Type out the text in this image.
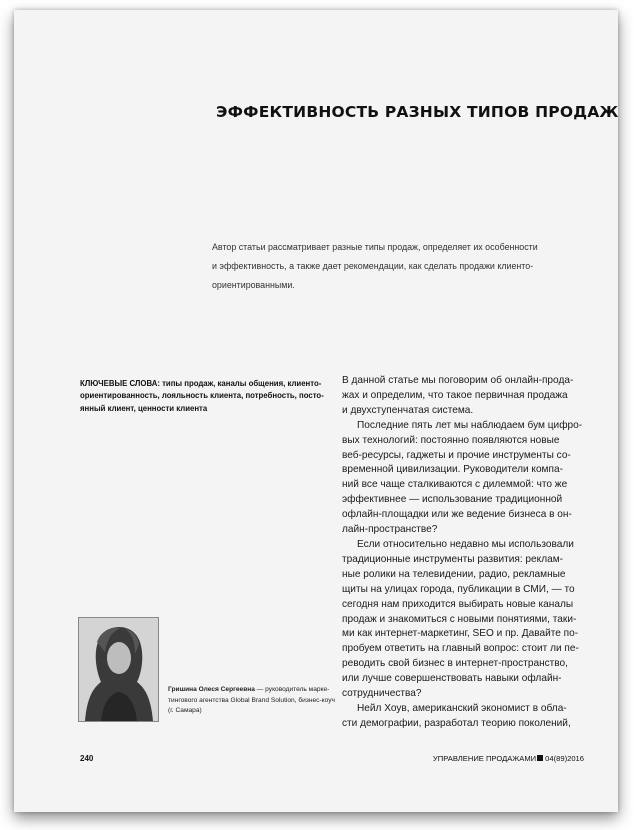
ЭФФЕКТИВНОСТЬ РАЗНЫХ ТИПОВ ПРОДАЖ

Автор статьи рассматривает разные типы продаж, определяет их особенности

и эффективность, а также дает рекомендации, как сделать продажи клиенто-

ориентированными.

КЛЮЧЕВЫЕ СЛОВА: типы продаж, каналы общения, клиенто-

ориентированность, лояльность клиента, потребность, посто-

янный клиент, ценности клиента

В данной статье мы поговорим об онлайн-прода-

жах и определим, что такое первичная продажа

и двухступенчатая система.

Последние пять лет мы наблюдаем бум цифро-

вых технологий: постоянно появляются новые

веб-ресурсы, гаджеты и прочие инструменты со-

временной цивилизации. Руководители компа-

ний все чаще сталкиваются с дилеммой: что же

эффективнее — использование традиционной

офлайн-площадки или же ведение бизнеса в он-

лайн-пространстве?

Если относительно недавно мы использовали

традиционные инструменты развития: реклам-

ные ролики на телевидении, радио, рекламные

щиты на улицах города, публикации в СМИ, — то

сегодня нам приходится выбирать новые каналы

продаж и знакомиться с новыми понятиями, таки-

ми как интернет-маркетинг, SEO и пр. Давайте по-

пробуем ответить на главный вопрос: стоит ли пе-

реводить свой бизнес в интернет-пространство,

или лучше совершенствовать навыки офлайн-

сотрудничества?

Нейл Хоув, американский экономист в обла-

сти демографии, разработал теорию поколений,

Гришина Олеся Сергеевна — руководитель марке-

тингового агентства Global Brand Solution, бизнес-коуч

(г. Самара)

240	УПРАВЛЕНИЕ ПРОДАЖАМИ 04(89)2016
